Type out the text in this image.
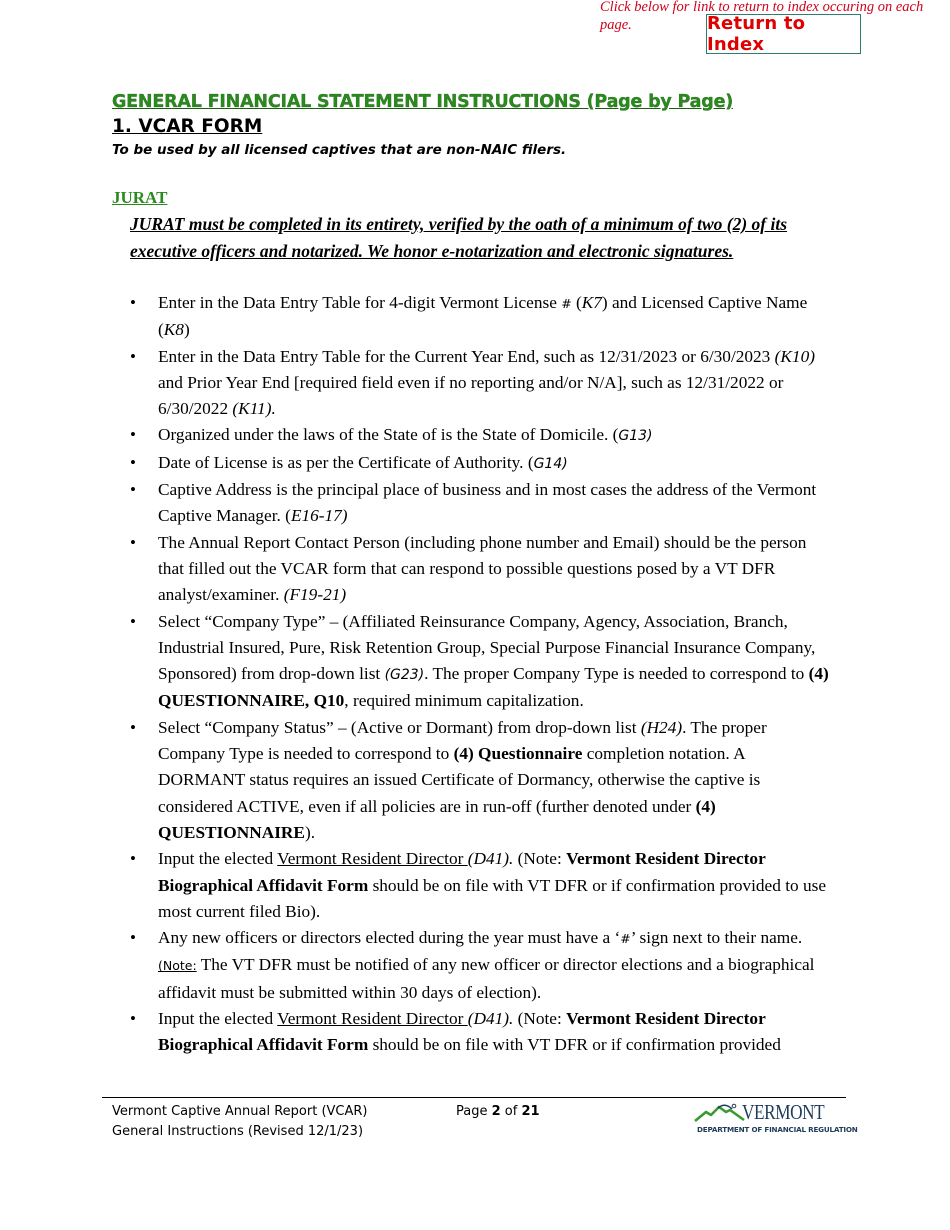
Click below for link to return to index occuring on each page.	Return to Index
GENERAL FINANCIAL STATEMENT INSTRUCTIONS (Page by Page)
1. VCAR FORM
To be used by all licensed captives that are non-NAIC filers.
JURAT
JURAT must be completed in its entirety, verified by the oath of a minimum of two (2) of its executive officers and notarized. We honor e-notarization and electronic signatures.
• Enter in the Data Entry Table for 4-digit Vermont License # (K7) and Licensed Captive Name (K8)
• Enter in the Data Entry Table for the Current Year End, such as 12/31/2023 or 6/30/2023 (K10) and Prior Year End [required field even if no reporting and/or N/A], such as 12/31/2022 or 6/30/2022 (K11).
• Organized under the laws of the State of is the State of Domicile. (G13)
• Date of License is as per the Certificate of Authority. (G14)
• Captive Address is the principal place of business and in most cases the address of the Vermont Captive Manager. (E16-17)
• The Annual Report Contact Person (including phone number and Email) should be the person that filled out the VCAR form that can respond to possible questions posed by a VT DFR analyst/examiner. (F19-21)
• Select “Company Type” – (Affiliated Reinsurance Company, Agency, Association, Branch, Industrial Insured, Pure, Risk Retention Group, Special Purpose Financial Insurance Company, Sponsored) from drop-down list (G23). The proper Company Type is needed to correspond to (4) QUESTIONNAIRE, Q10, required minimum capitalization.
• Select “Company Status” – (Active or Dormant) from drop-down list (H24). The proper Company Type is needed to correspond to (4) Questionnaire completion notation. A DORMANT status requires an issued Certificate of Dormancy, otherwise the captive is considered ACTIVE, even if all policies are in run-off (further denoted under (4) QUESTIONNAIRE).
• Input the elected Vermont Resident Director (D41). (Note: Vermont Resident Director Biographical Affidavit Form should be on file with VT DFR or if confirmation provided to use most current filed Bio).
• Any new officers or directors elected during the year must have a ‘#’ sign next to their name. (Note: The VT DFR must be notified of any new officer or director elections and a biographical affidavit must be submitted within 30 days of election).
• Input the elected Vermont Resident Director (D41). (Note: Vermont Resident Director Biographical Affidavit Form should be on file with VT DFR or if confirmation provided
Vermont Captive Annual Report (VCAR)
General Instructions (Revised 12/1/23)
Page 2 of 21	VERMONT
DEPARTMENT OF FINANCIAL REGULATION
